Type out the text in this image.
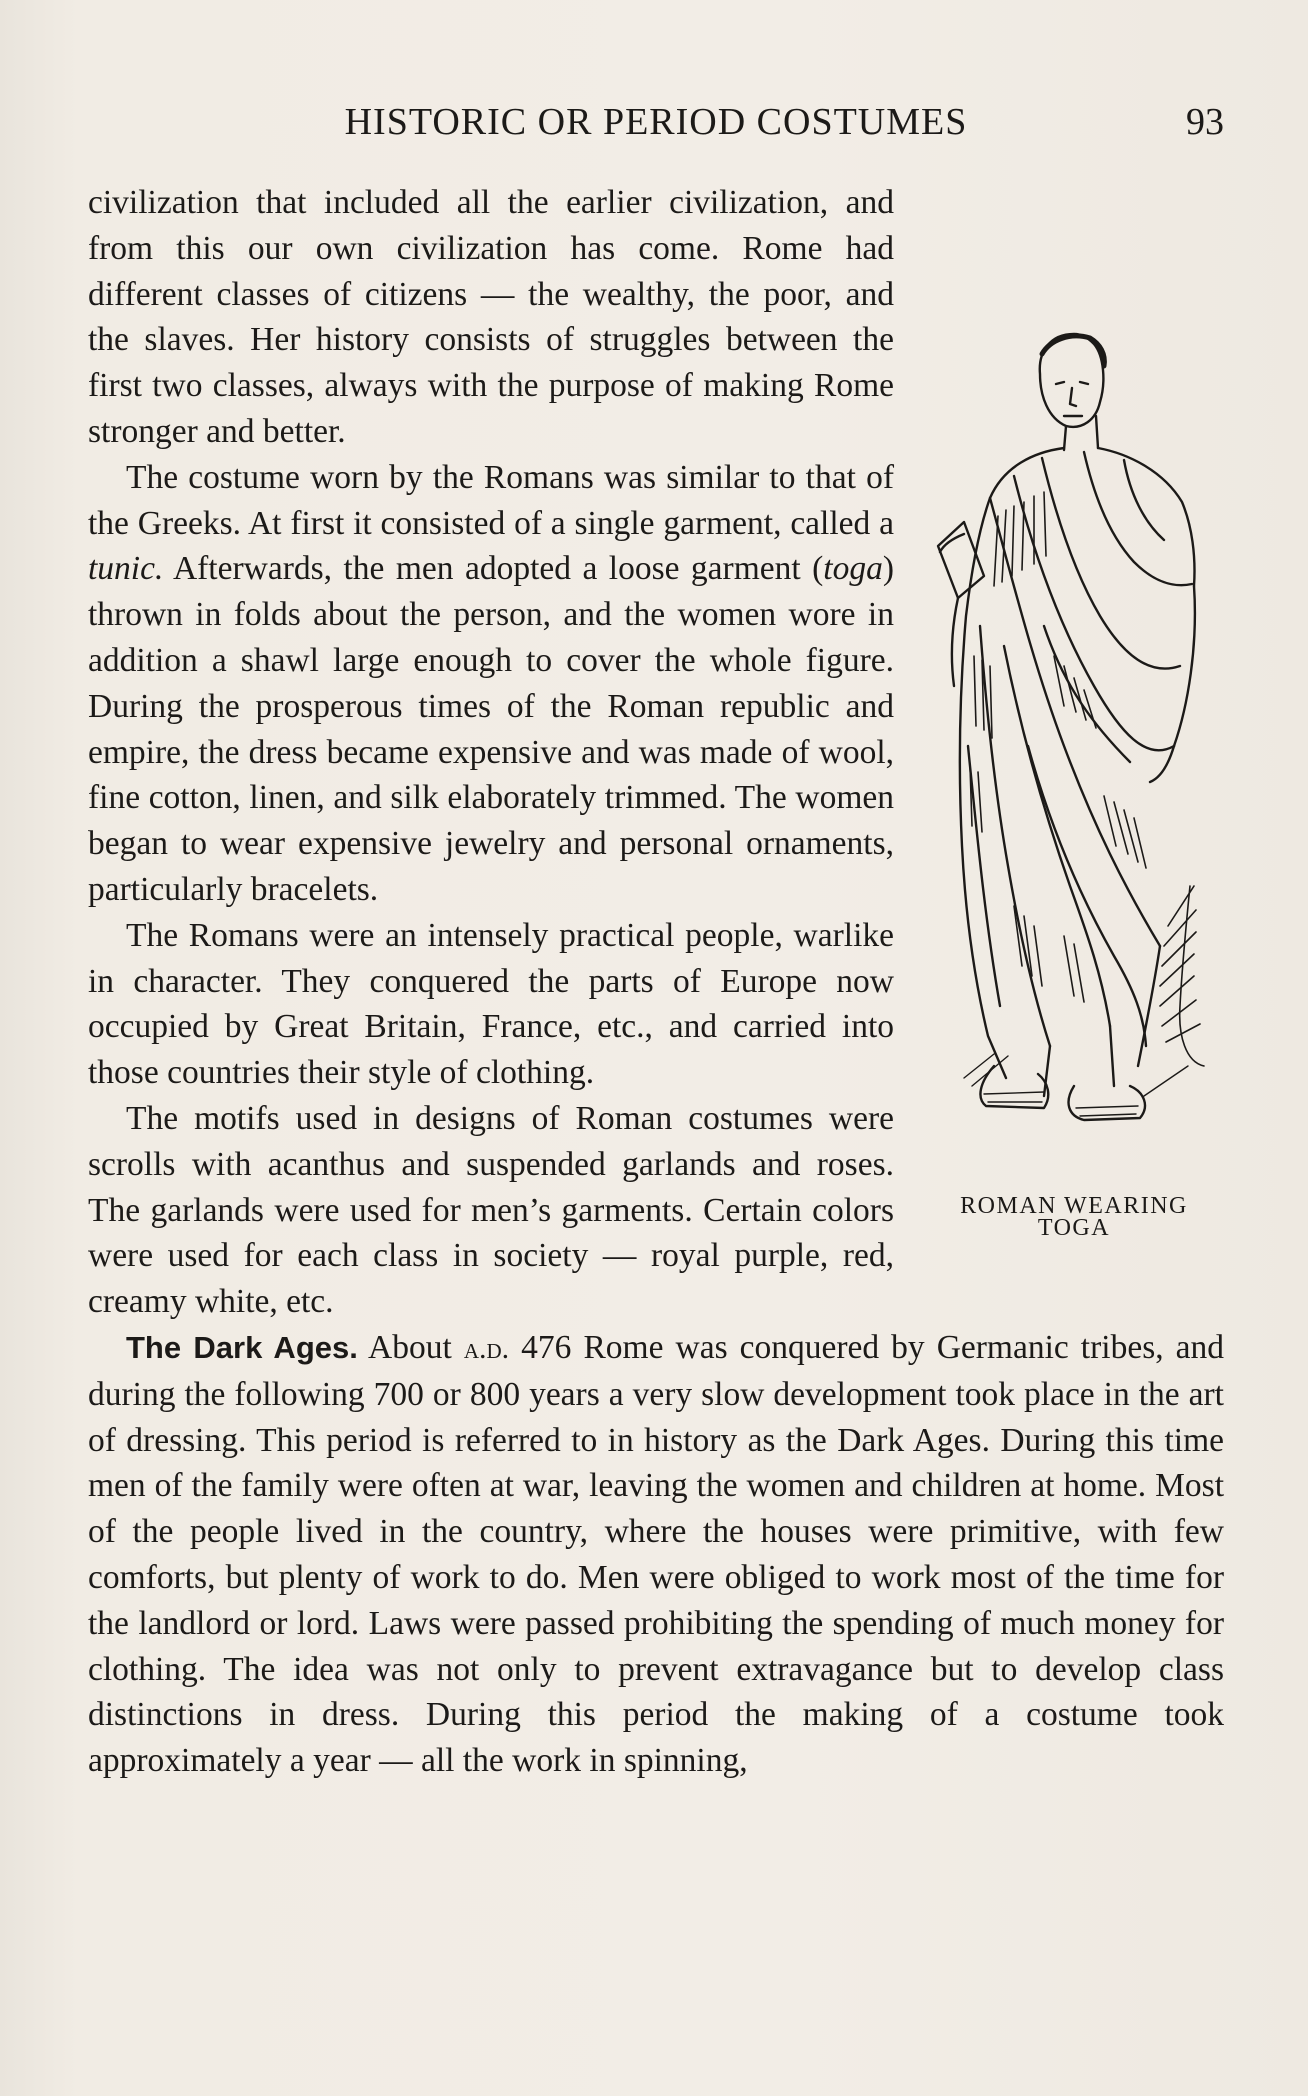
HISTORIC OR PERIOD COSTUMES	93
ROMAN WEARING
TOGA

civilization that included all the earlier civilization, and from this our own civilization has come. Rome had different classes of citizens — the wealthy, the poor, and the slaves. Her history consists of struggles between the first two classes, always with the purpose of making Rome stronger and better.

The costume worn by the Romans was similar to that of the Greeks. At first it consisted of a single garment, called a tunic. Afterwards, the men adopted a loose garment (toga) thrown in folds about the person, and the women wore in addition a shawl large enough to cover the whole figure. During the prosperous times of the Roman republic and empire, the dress became expensive and was made of wool, fine cotton, linen, and silk elaborately trimmed. The women began to wear expensive jewelry and personal ornaments, particularly bracelets.

The Romans were an intensely practical people, warlike in character. They conquered the parts of Europe now occupied by Great Britain, France, etc., and carried into those countries their style of clothing.

The motifs used in designs of Roman costumes were scrolls with acanthus and suspended garlands and roses. The garlands were used for men’s garments. Certain colors were used for each class in society — royal purple, red, creamy white, etc.

The Dark Ages. About a.d. 476 Rome was conquered by Germanic tribes, and during the following 700 or 800 years a very slow development took place in the art of dressing. This period is referred to in history as the Dark Ages. During this time men of the family were often at war, leaving the women and children at home. Most of the people lived in the country, where the houses were primitive, with few comforts, but plenty of work to do. Men were obliged to work most of the time for the landlord or lord. Laws were passed prohibiting the spending of much money for clothing. The idea was not only to prevent extravagance but to develop class distinctions in dress. During this period the making of a costume took approximately a year — all the work in spinning,
